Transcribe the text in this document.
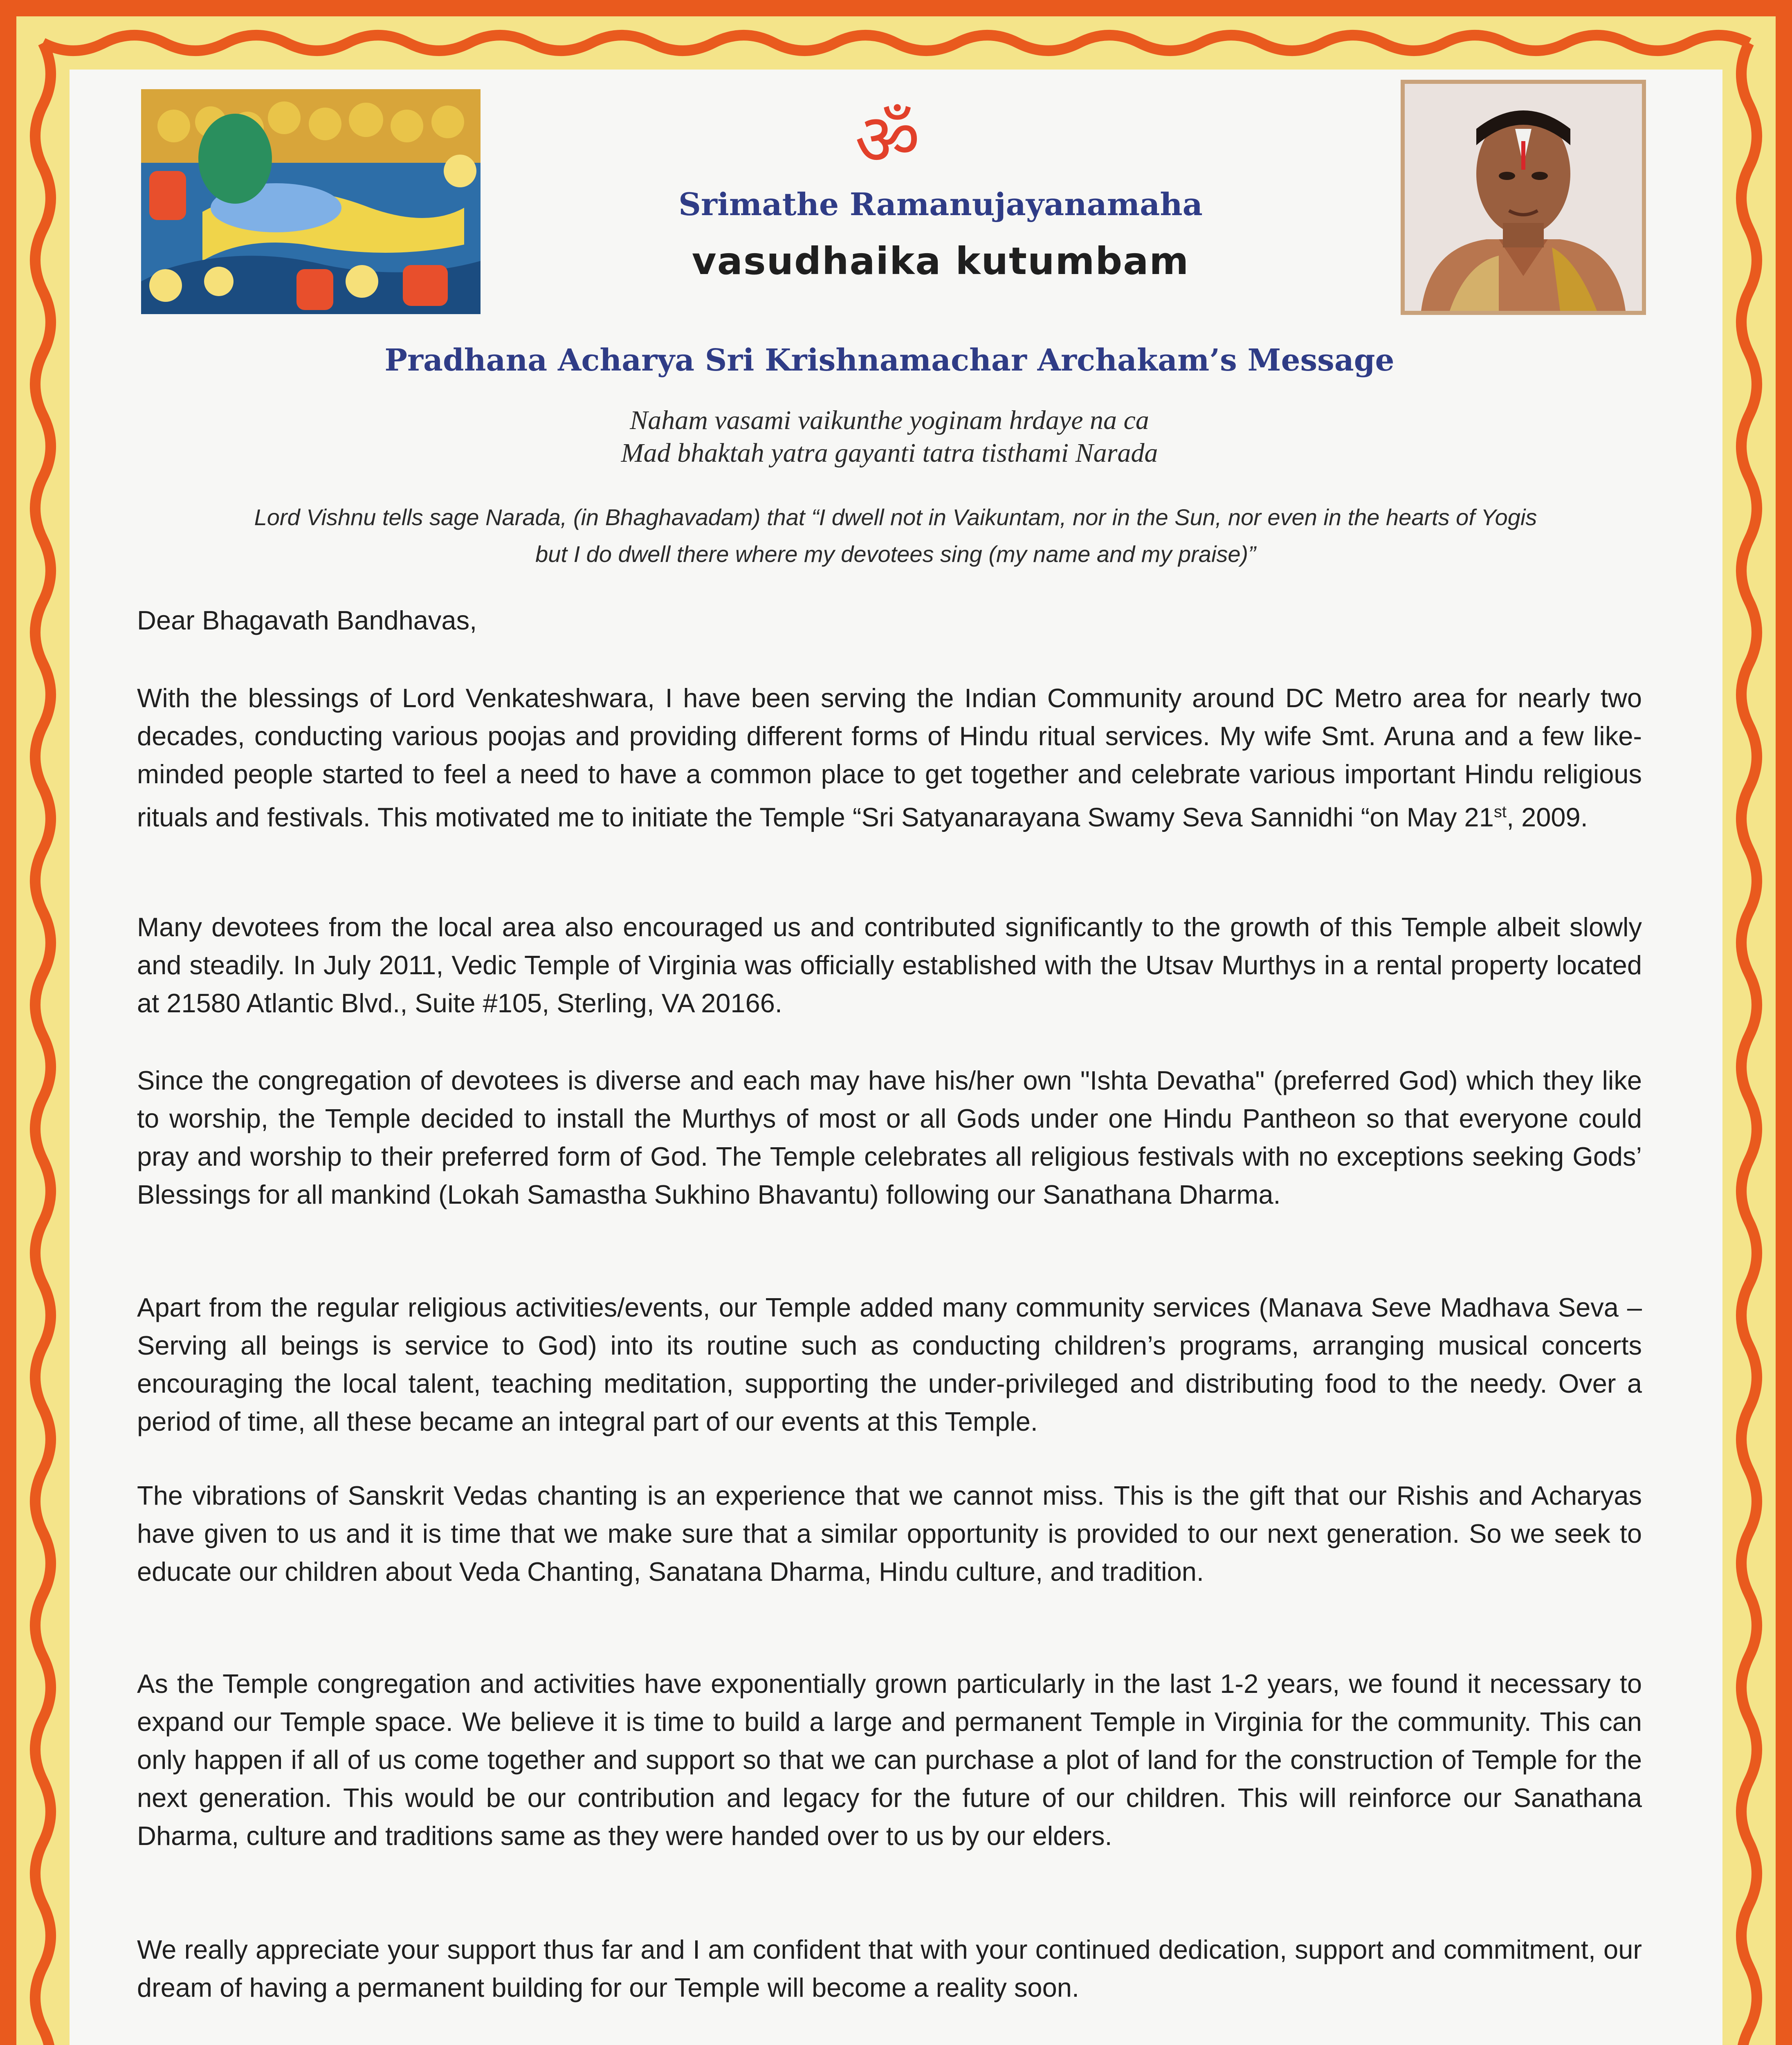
ॐ
Srimathe Ramanujayanamaha
vasudhaika kutumbam
Pradhana Acharya Sri Krishnamachar Archakam’s Message
Naham vasami vaikunthe yoginam hrdaye na ca
Mad bhaktah yatra gayanti tatra tisthami Narada
Lord Vishnu tells sage Narada, (in Bhaghavadam) that “I dwell not in Vaikuntam, nor in the Sun, nor even in the hearts of Yogis
but I do dwell there where my devotees sing (my name and my praise)”
Dear Bhagavath Bandhavas,
With the blessings of Lord Venkateshwara, I have been serving the Indian Community around DC Metro area for nearly two decades, conducting various poojas and providing different forms of Hindu ritual services. My wife Smt. Aruna and a few like-minded people started to feel a need to have a common place to get together and celebrate various important Hindu religious rituals and festivals. This motivated me to initiate the Temple “Sri Satyanarayana Swamy Seva Sannidhi “on May 21st, 2009.
Many devotees from the local area also encouraged us and contributed significantly to the growth of this Temple albeit slowly and steadily. In July 2011, Vedic Temple of Virginia was officially established with the Utsav Murthys in a rental property located at 21580 Atlantic Blvd., Suite #105, Sterling, VA 20166.
Since the congregation of devotees is diverse and each may have his/her own "Ishta Devatha" (preferred God) which they like to worship, the Temple decided to install the Murthys of most or all Gods under one Hindu Pantheon so that everyone could pray and worship to their preferred form of God. The Temple celebrates all religious festivals with no exceptions seeking Gods’ Blessings for all mankind (Lokah Samastha Sukhino Bhavantu) following our Sanathana Dharma.
Apart from the regular religious activities/events, our Temple added many community services (Manava Seve Madhava Seva – Serving all beings is service to God) into its routine such as conducting children’s programs, arranging musical concerts encouraging the local talent, teaching meditation, supporting the under-privileged and distributing food to the needy. Over a period of time, all these became an integral part of our events at this Temple.
The vibrations of Sanskrit Vedas chanting is an experience that we cannot miss. This is the gift that our Rishis and Acharyas have given to us and it is time that we make sure that a similar opportunity is provided to our next generation. So we seek to educate our children about Veda Chanting, Sanatana Dharma, Hindu culture, and tradition.
As the Temple congregation and activities have exponentially grown particularly in the last 1-2 years, we found it necessary to expand our Temple space. We believe it is time to build a large and permanent Temple in Virginia for the community. This can only happen if all of us come together and support so that we can purchase a plot of land for the construction of Temple for the next generation. This would be our contribution and legacy for the future of our children. This will reinforce our Sanathana Dharma, culture and traditions same as they were handed over to us by our elders.
We really appreciate your support thus far and I am confident that with your continued dedication, support and commitment, our dream of having a permanent building for our Temple will become a reality soon.
